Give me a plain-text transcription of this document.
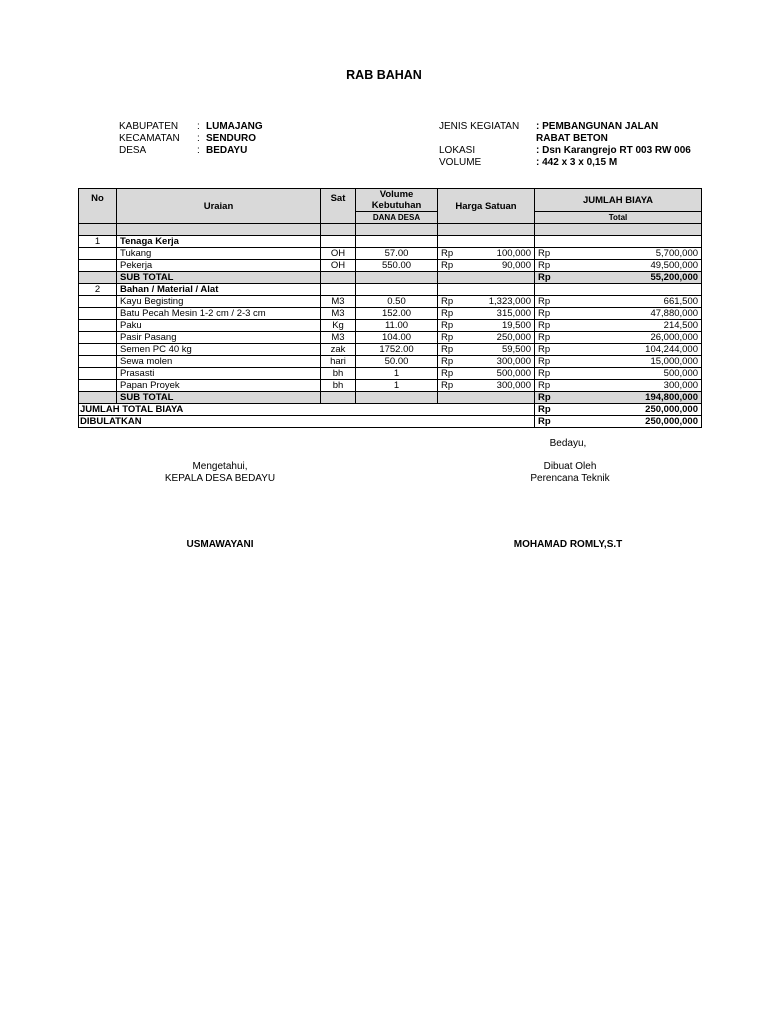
RAB BAHAN
KABUPATEN : LUMAJANG
KECAMATAN : SENDURO
DESA	: BEDAYU
JENIS KEGIATAN : PEMBANGUNAN JALAN
RABAT BETON
LOKASI	: Dsn Karangrejo RT 003 RW 006
VOLUME	: 442 x 3 x 0,15 M
No	Uraian	Sat	Volume Kebutuhan	Harga Satuan		JUMLAH BIAYA	
			DANA DESA			Total	

1	Tenaga Kerja						
	Tukang	OH	57.00	Rp	100,000	Rp	5,700,000
	Pekerja	OH	550.00	Rp	90,000	Rp	49,500,000
	SUB TOTAL					Rp	55,200,000
2	Bahan / Material / Alat						
	Kayu Begisting	M3	0.50	Rp	1,323,000	Rp	661,500
	Batu Pecah Mesin 1-2 cm / 2-3 cm	M3	152.00	Rp	315,000	Rp	47,880,000
	Paku	Kg	11.00	Rp	19,500	Rp	214,500
	Pasir Pasang	M3	104.00	Rp	250,000	Rp	26,000,000
	Semen PC 40 kg	zak	1752.00	Rp	59,500	Rp	104,244,000
	Sewa molen	hari	50.00	Rp	300,000	Rp	15,000,000
	Prasasti	bh	1	Rp	500,000	Rp	500,000
	Papan Proyek	bh	1	Rp	300,000	Rp	300,000
	SUB TOTAL					Rp	194,800,000
JUMLAH TOTAL BIAYA						Rp	250,000,000
DIBULATKAN						Rp	250,000,000
Bedayu,
Mengetahui,
KEPALA DESA BEDAYU
Dibuat Oleh
Perencana Teknik
USMAWAYANI	MOHAMAD ROMLY,S.T
